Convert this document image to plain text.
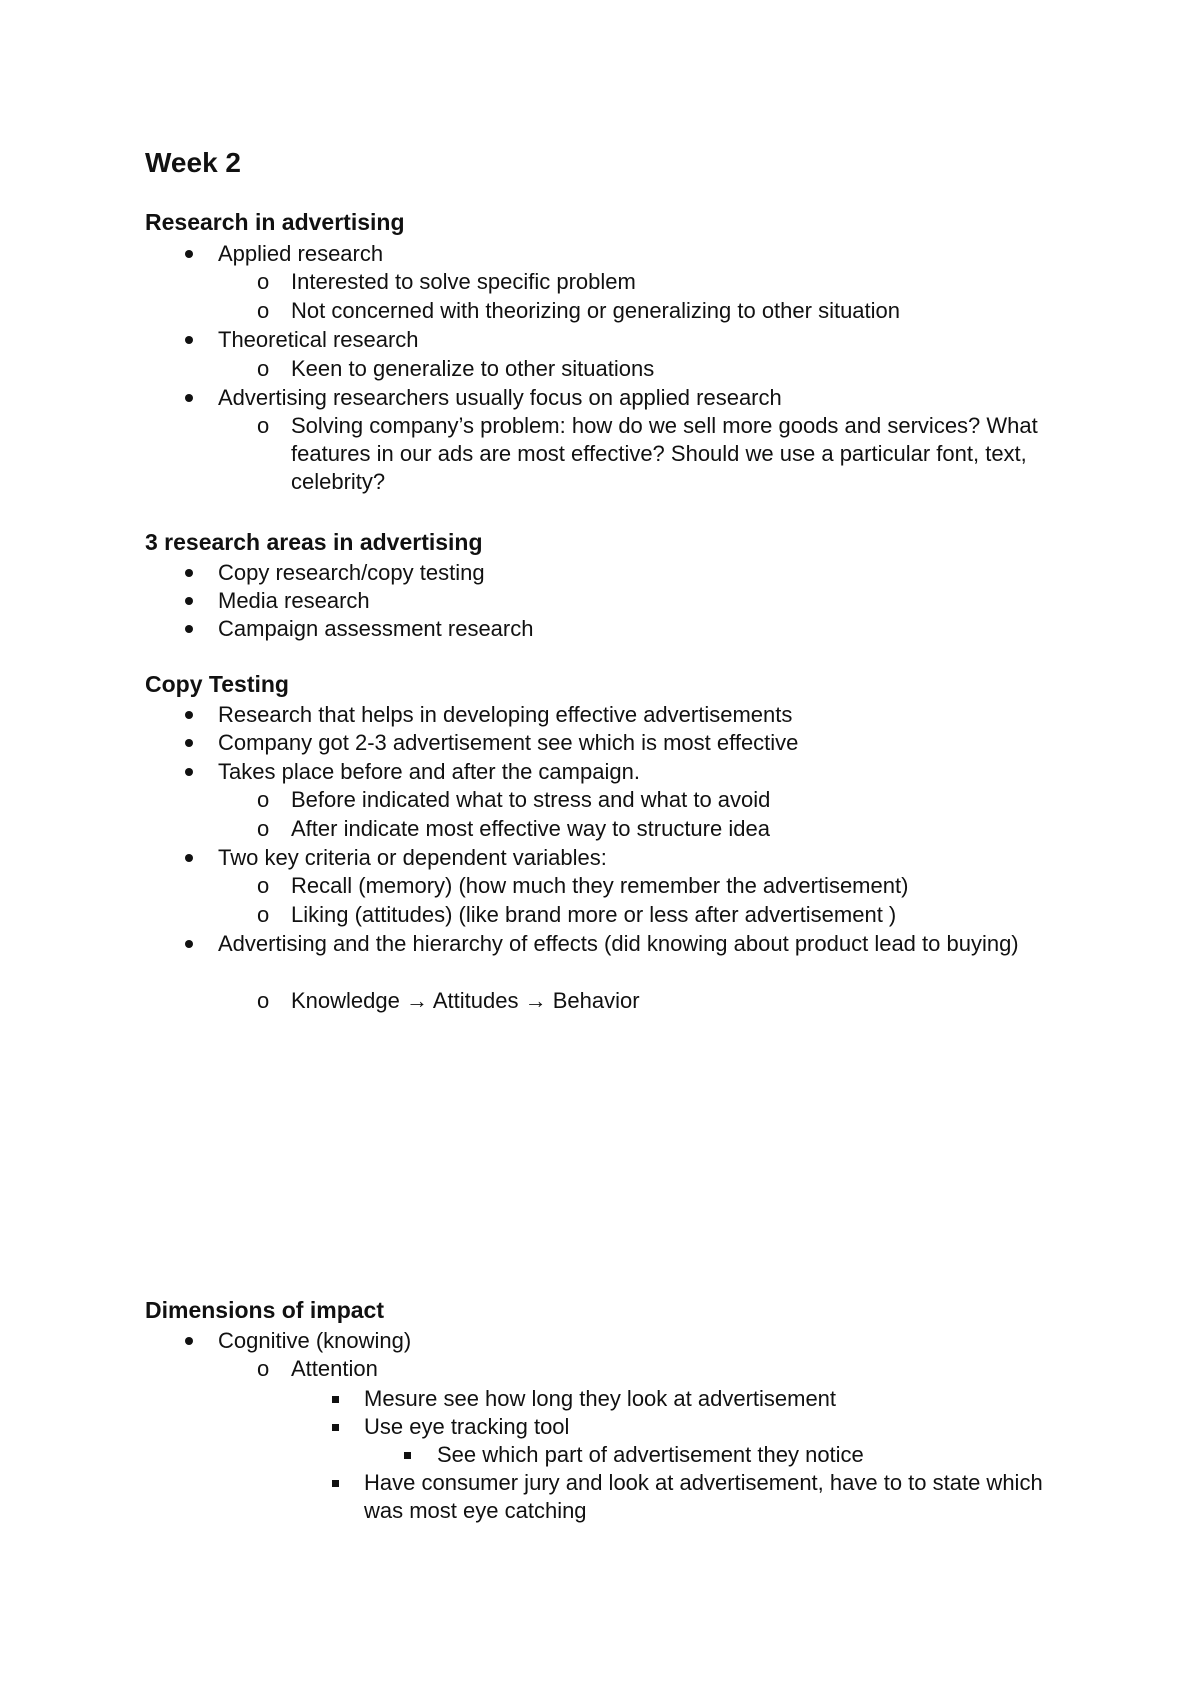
Week 2
Research in advertising
Applied research
o Interested to solve specific problem
o Not concerned with theorizing or generalizing to other situation
Theoretical research
o Keen to generalize to other situations
Advertising researchers usually focus on applied research
o Solving company’s problem: how do we sell more goods and services? What features in our ads are most effective? Should we use a particular font, text, celebrity?
3 research areas in advertising
Copy research/copy testing
Media research
Campaign assessment research
Copy Testing
Research that helps in developing effective advertisements
Company got 2-3 advertisement see which is most effective
Takes place before and after the campaign.
o Before indicated what to stress and what to avoid
o After indicate most effective way to structure idea
Two key criteria or dependent variables:
o Recall (memory) (how much they remember the advertisement)
o Liking (attitudes) (like brand more or less after advertisement )
Advertising and the hierarchy of effects (did knowing about product lead to buying)
o Knowledge → Attitudes → Behavior
Dimensions of impact
Cognitive (knowing)
o Attention
Mesure see how long they look at advertisement
Use eye tracking tool
See which part of advertisement they notice
Have consumer jury and look at advertisement, have to to state which was most eye catching
